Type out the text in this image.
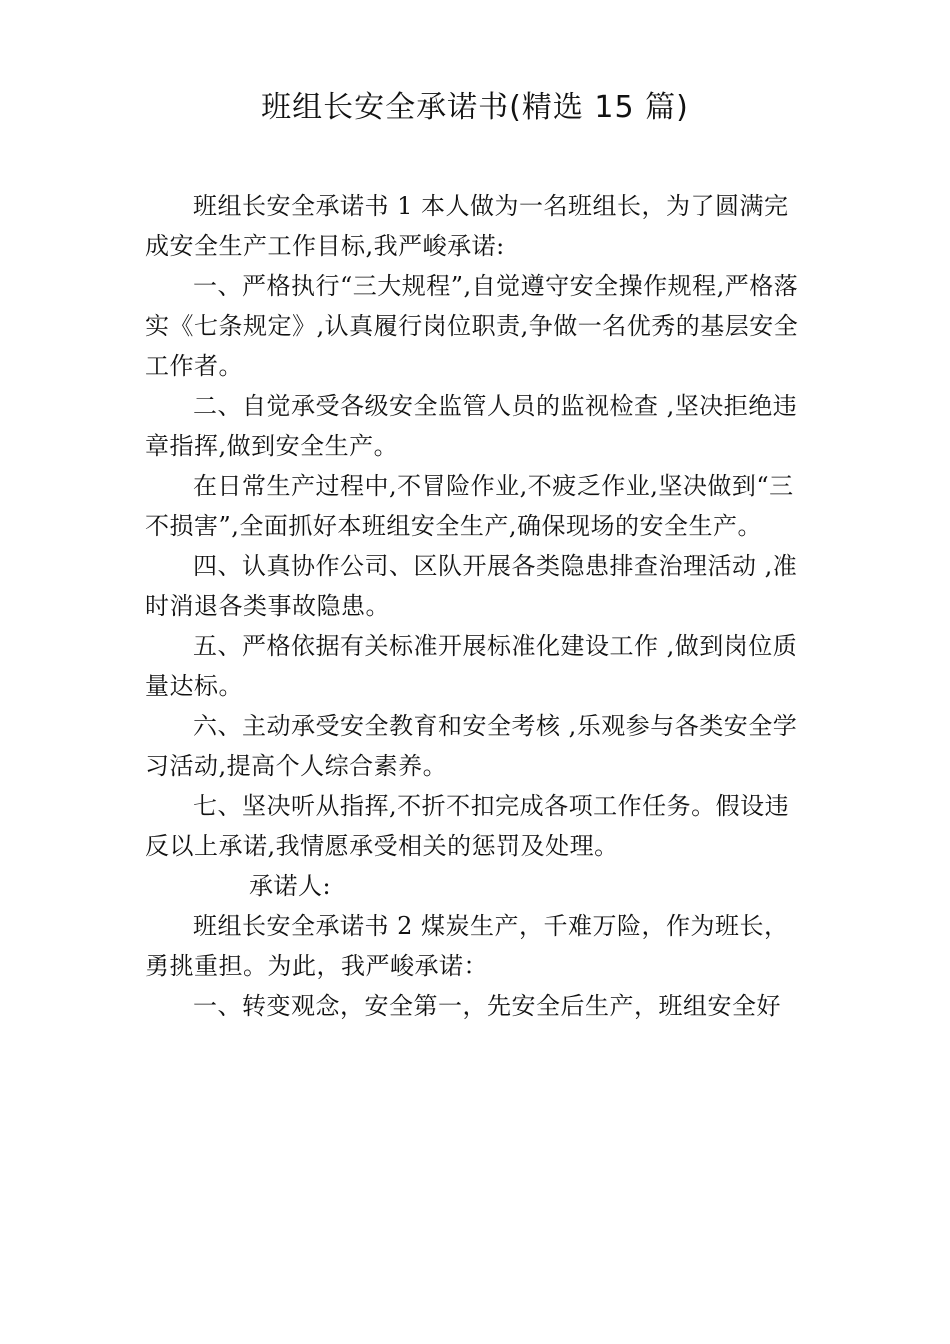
班组长安全承诺书(精选 15 篇)

班组长安全承诺书 1 本人做为一名班组长，为了圆满完成安全生产工作目标,我严峻承诺:

一、严格执行“三大规程”,自觉遵守安全操作规程,严格落实《七条规定》,认真履行岗位职责,争做一名优秀的基层安全工作者。

二、自觉承受各级安全监管人员的监视检查 ,坚决拒绝违章指挥,做到安全生产。

在日常生产过程中,不冒险作业,不疲乏作业,坚决做到“三不损害”,全面抓好本班组安全生产,确保现场的安全生产。

四、认真协作公司、区队开展各类隐患排查治理活动 ,准时消退各类事故隐患。

五、严格依据有关标准开展标准化建设工作 ,做到岗位质量达标。

六、主动承受安全教育和安全考核 ,乐观参与各类安全学习活动,提高个人综合素养。

七、坚决听从指挥,不折不扣完成各项工作任务。假设违反以上承诺,我情愿承受相关的惩罚及处理。

承诺人:

班组长安全承诺书 2 煤炭生产，千难万险，作为班长，勇挑重担。为此，我严峻承诺：

一、转变观念，安全第一，先安全后生产，班组安全好
